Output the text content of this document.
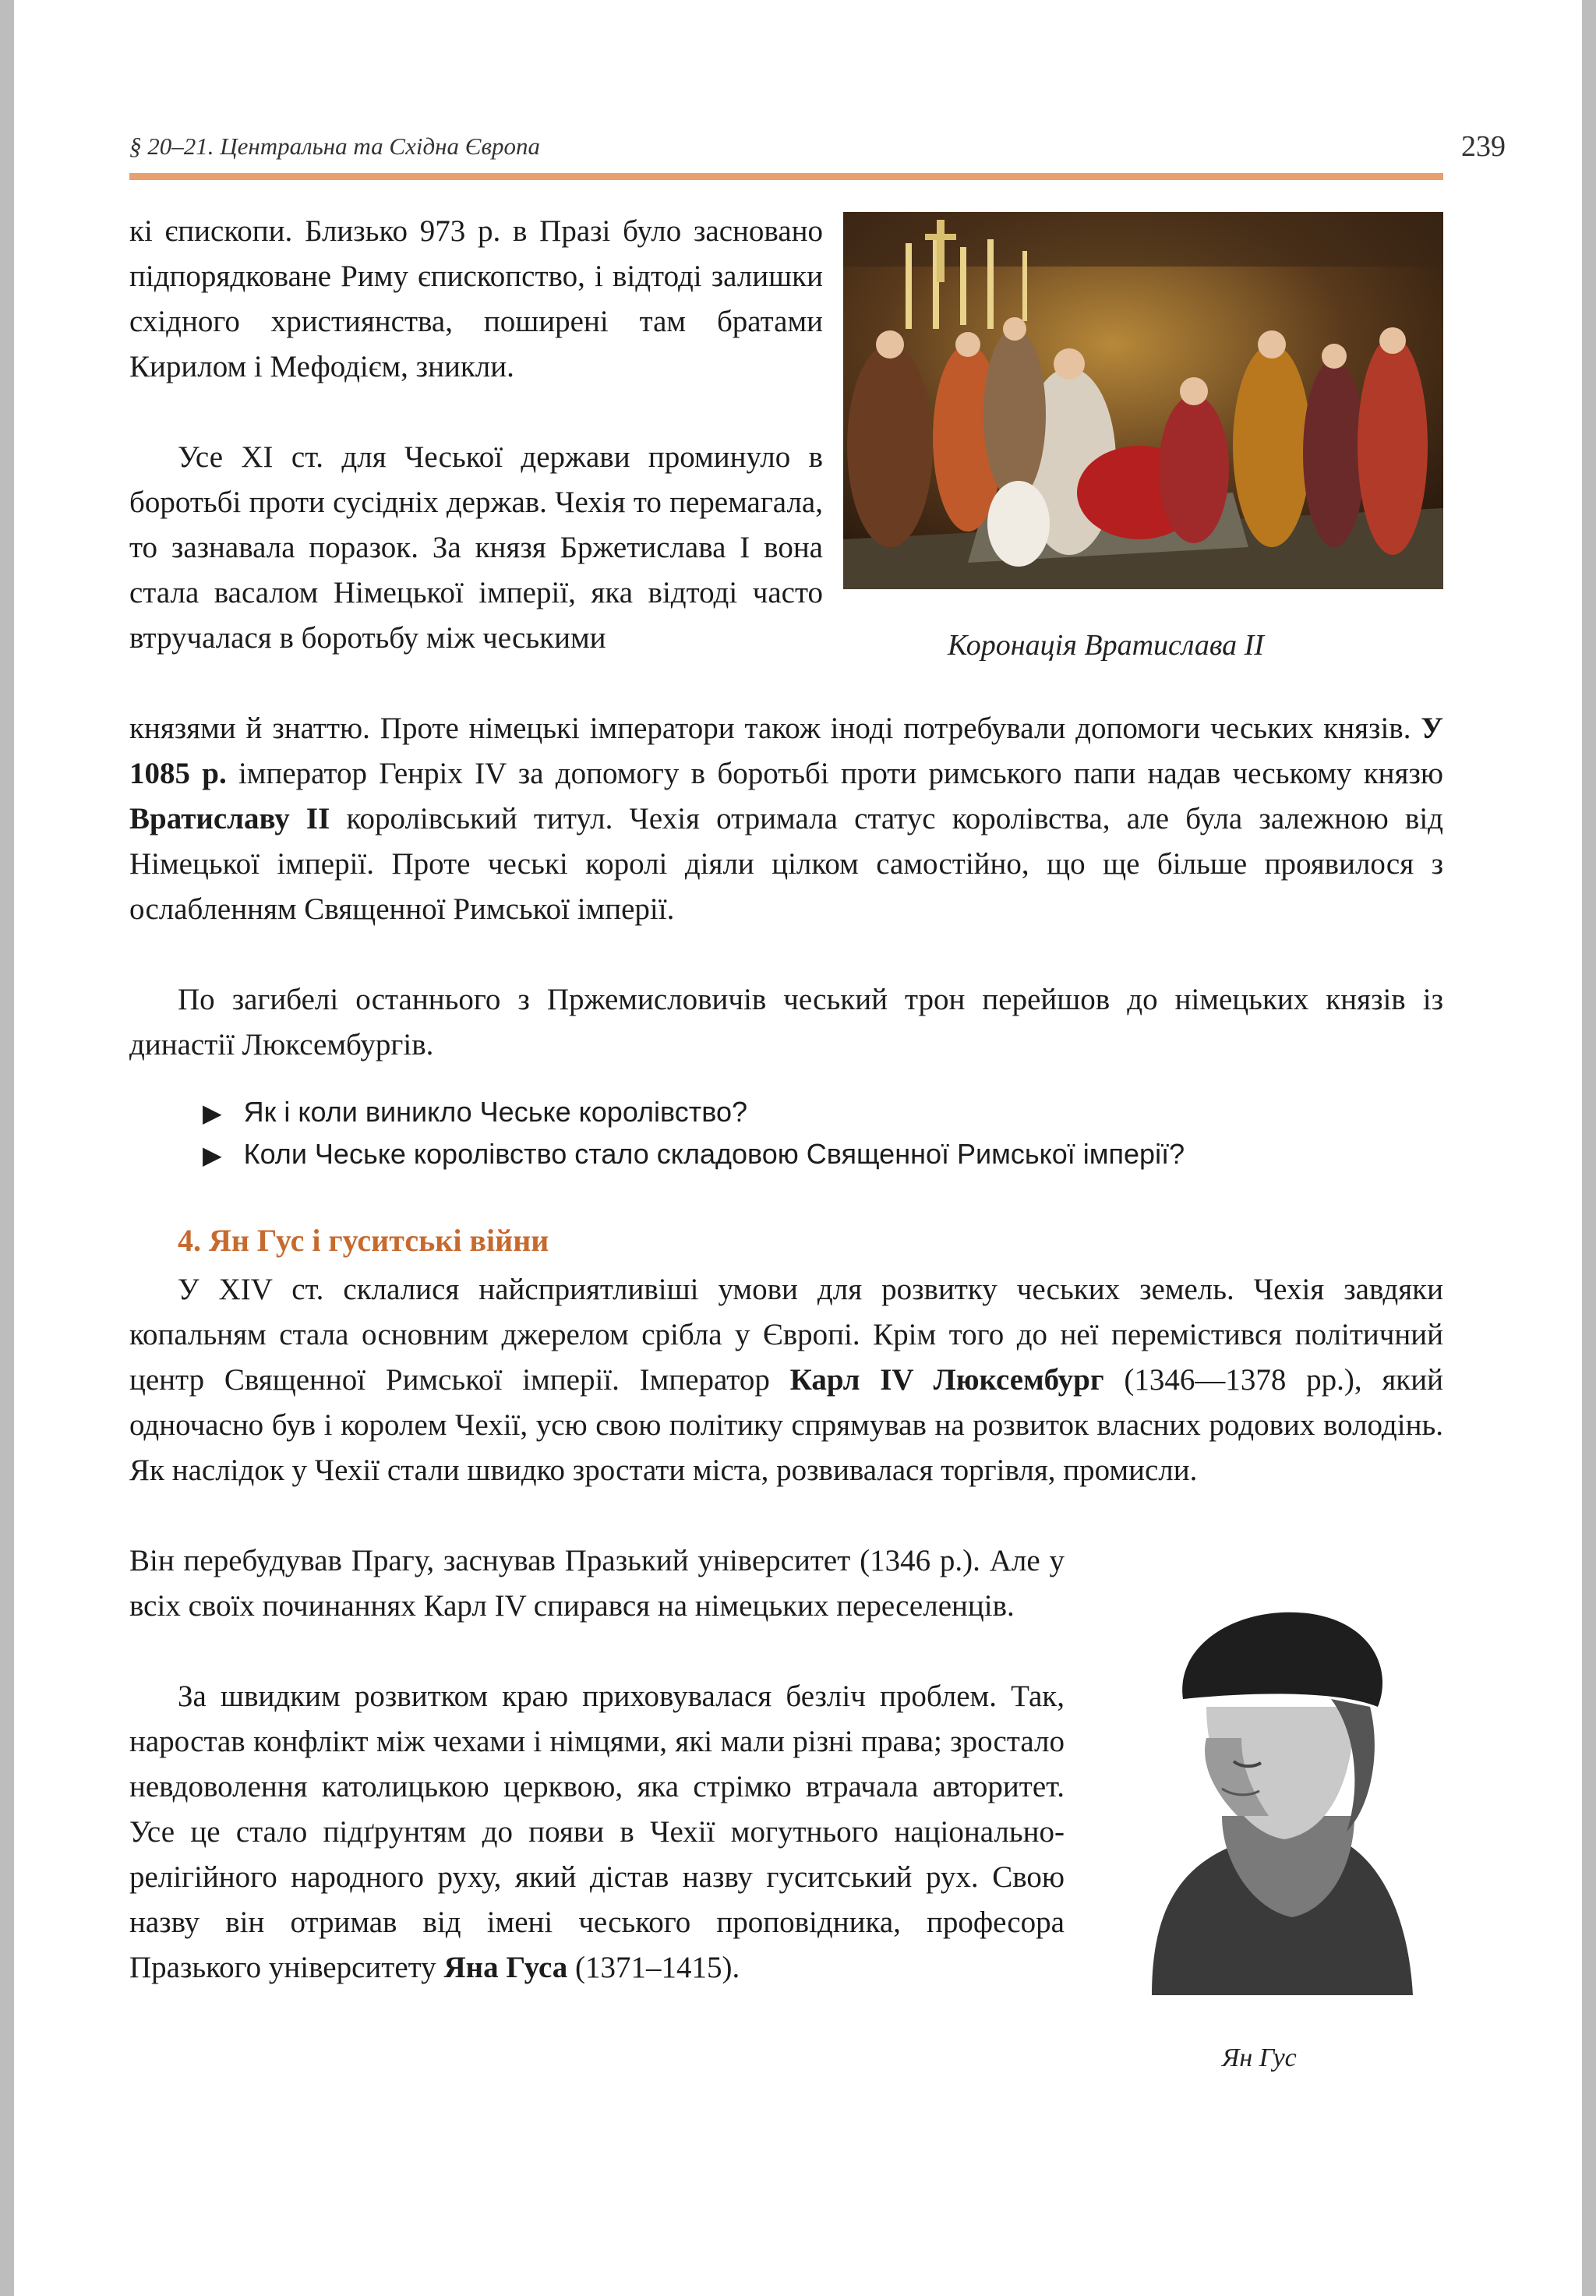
§ 20–21. Центральна та Східна Європа	239
Коронація Вратислава II

кі єпископи. Близько 973 р. в Празі було засновано підпорядковане Риму єпископство, і відтоді залишки східного християнства, поширені там братами Кирилом і Мефодієм, зникли.

Усе XI ст. для Чеської держави проминуло в боротьбі проти сусідніх держав. Чехія то перемагала, то зазнавала поразок. За князя Бржетислава І вона стала васалом Німецької імперії, яка відтоді часто втручалася в боротьбу між чеськими

князями й знаттю. Проте німецькі імператори також іноді потребували допомоги чеських князів. У 1085 р. імператор Генріх IV за допомогу в боротьбі проти римського папи надав чеському князю Вратиславу II королівський титул. Чехія отримала статус королівства, але була залежною від Німецької імперії. Проте чеські королі діяли цілком самостійно, що ще більше проявилося з ослабленням Священної Римської імперії.

По загибелі останнього з Пржемисловичів чеський трон перейшов до німецьких князів із династії Люксембургів.

▶ Як і коли виникло Чеське королівство?
▶ Коли Чеське королівство стало складовою Священної Римської імперії?
4. Ян Гус і гуситські війни

У XIV ст. склалися найсприятливіші умови для розвитку чеських земель. Чехія завдяки копальням стала основним джерелом срібла у Європі. Крім того до неї перемістився політичний центр Священної Римської імперії. Імператор Карл IV Люксембург (1346—1378 рр.), який одночасно був і королем Чехії, усю свою політику спрямував на розвиток власних родових володінь. Як наслідок у Чехії стали швидко зростати міста, розвивалася торгівля, промисли.

Він перебудував Прагу, заснував Празький університет (1346 р.). Але у всіх своїх починаннях Карл IV спирався на німецьких переселенців.

За швидким розвитком краю приховувалася безліч проблем. Так, наростав конфлікт між чехами і німцями, які мали різні права; зростало невдоволення католицькою церквою, яка стрімко втрачала авторитет. Усе це стало підґрунтям до появи в Чехії могутнього національно-релігійного народного руху, який дістав назву гуситський рух. Свою назву він отримав від імені чеського проповідника, професора Празького університету Яна Гуса (1371–1415).

Ян Гус
